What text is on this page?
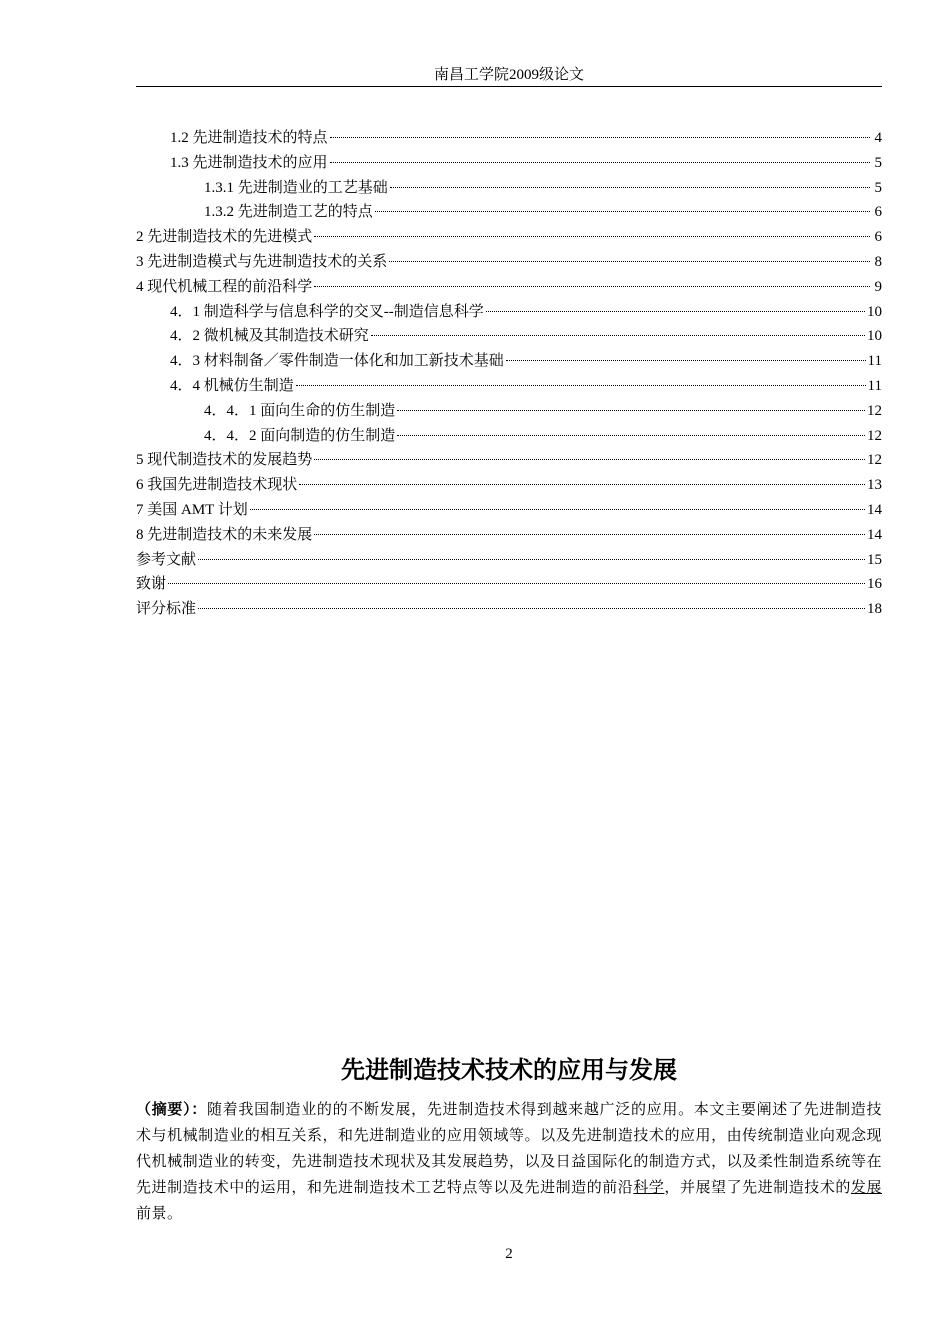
南昌工学院2009级论文
1.2 先进制造技术的特点	4
1.3 先进制造技术的应用	5
1.3.1 先进制造业的工艺基础	5
1.3.2 先进制造工艺的特点	6
2 先进制造技术的先进模式	6
3 先进制造模式与先进制造技术的关系	8
4 现代机械工程的前沿科学	9
4．1 制造科学与信息科学的交叉--制造信息科学	10
4．2 微机械及其制造技术研究	10
4．3 材料制备／零件制造一体化和加工新技术基础	11
4．4 机械仿生制造	11
4．4．1 面向生命的仿生制造	12
4．4．2 面向制造的仿生制造	12
5 现代制造技术的发展趋势	12
6 我国先进制造技术现状	13
7 美国 AMT 计划	14
8 先进制造技术的未来发展	14
参考文献	15
致谢	16
评分标准	18
先进制造技术技术的应用与发展
（摘要）：随着我国制造业的的不断发展，先进制造技术得到越来越广泛的应用。本文主要阐述了先进制造技术与机械制造业的相互关系，和先进制造业的应用领域等。以及先进制造技术的应用，由传统制造业向观念现代机械制造业的转变，先进制造技术现状及其发展趋势，以及日益国际化的制造方式，以及柔性制造系统等在先进制造技术中的运用，和先进制造技术工艺特点等以及先进制造的前沿科学，并展望了先进制造技术的发展前景。
2
